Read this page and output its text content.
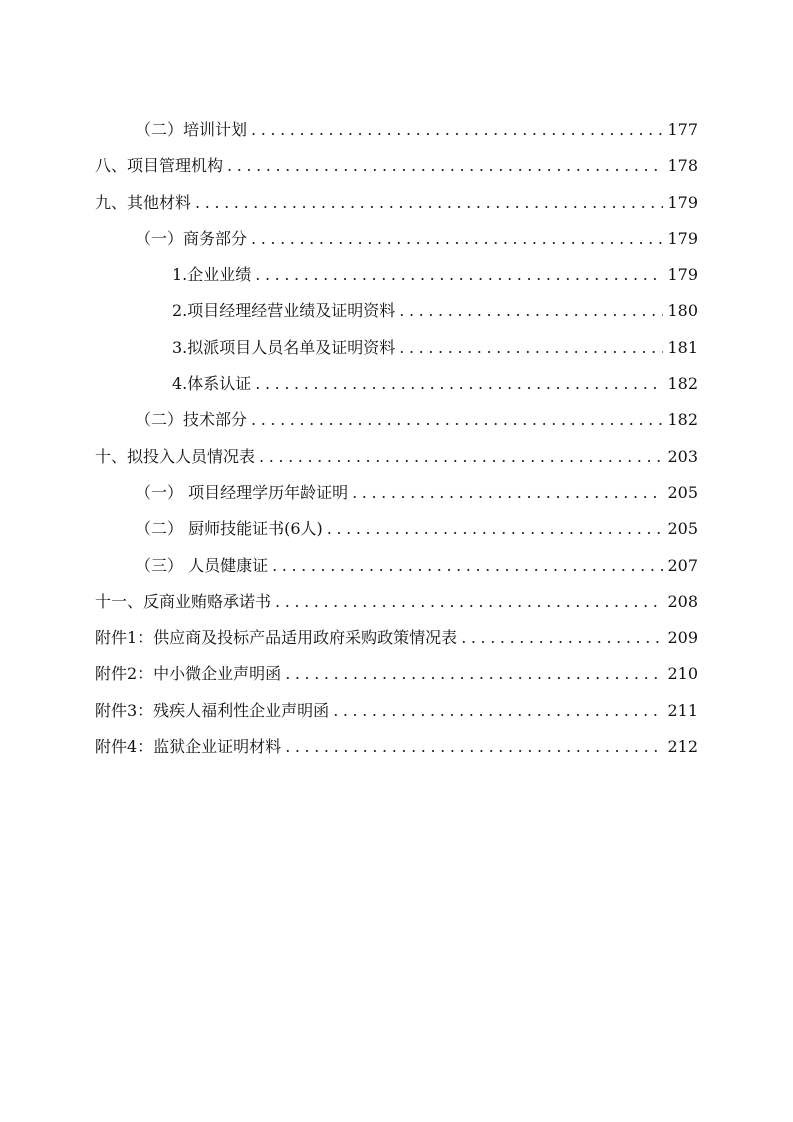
（二）培训计划 .....	177
八、项目管理机构 .....	178
九、其他材料 .....	179
（一）商务部分 .....	179
1.企业业绩 .....	179
2.项目经理经营业绩及证明资料 .....	180
3.拟派项目人员名单及证明资料 .....	181
4.体系认证 .....	182
（二）技术部分 .....	182
十、拟投入人员情况表 .....	203
（一） 项目经理学历年龄证明 .....	205
（二） 厨师技能证书(6人) .....	205
（三） 人员健康证 .....	207
十一、反商业贿赂承诺书 .....	208
附件1：供应商及投标产品适用政府采购政策情况表 .....	209
附件2：中小微企业声明函 .....	210
附件3：残疾人福利性企业声明函 .....	211
附件4：监狱企业证明材料 .....	212
